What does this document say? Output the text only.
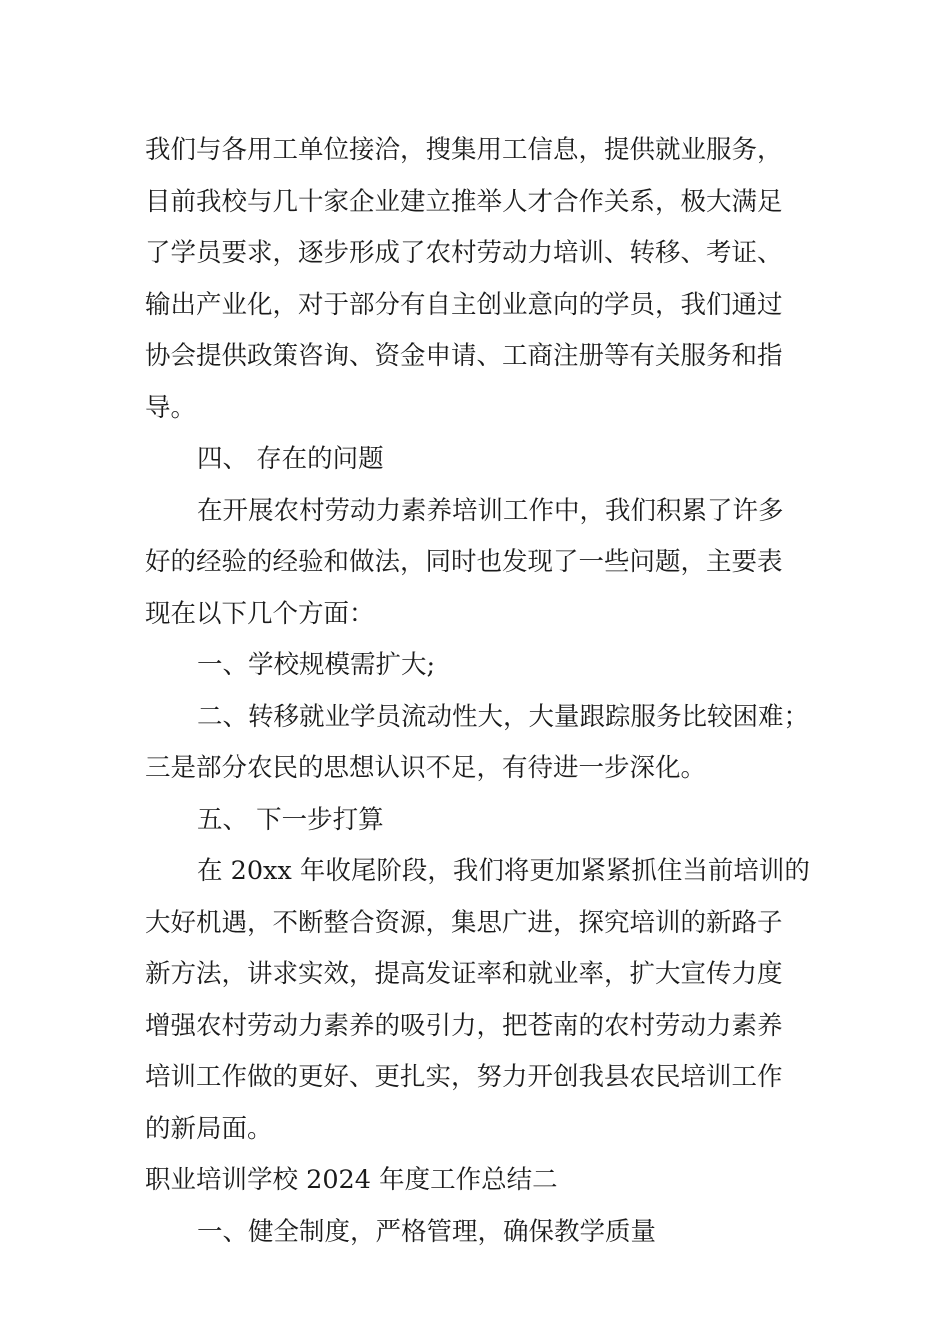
我们与各用工单位接洽，搜集用工信息，提供就业服务，
目前我校与几十家企业建立推举人才合作关系，极大满足
了学员要求，逐步形成了农村劳动力培训、转移、考证、
输出产业化，对于部分有自主创业意向的学员，我们通过
协会提供政策咨询、资金申请、工商注册等有关服务和指
导。
四、 存在的问题
在开展农村劳动力素养培训工作中，我们积累了许多
好的经验的经验和做法，同时也发现了一些问题，主要表
现在以下几个方面：
一、学校规模需扩大;
二、转移就业学员流动性大，大量跟踪服务比较困难；
三是部分农民的思想认识不足，有待进一步深化。
五、 下一步打算
在 20xx 年收尾阶段，我们将更加紧紧抓住当前培训的
大好机遇，不断整合资源，集思广进，探究培训的新路子
新方法，讲求实效，提高发证率和就业率，扩大宣传力度
增强农村劳动力素养的吸引力，把苍南的农村劳动力素养
培训工作做的更好、更扎实，努力开创我县农民培训工作
的新局面。
职业培训学校 2024 年度工作总结二
一、健全制度，严格管理，确保教学质量
